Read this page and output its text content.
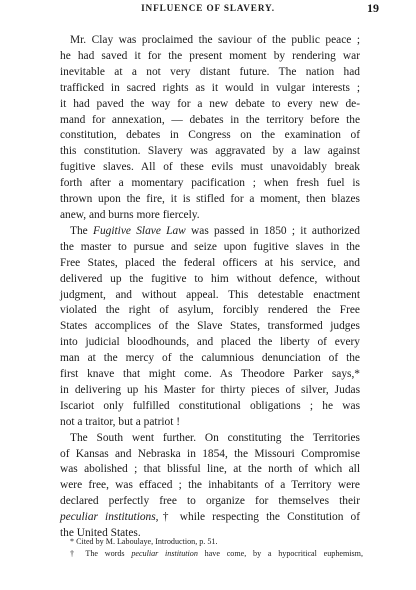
INFLUENCE OF SLAVERY.	19
Mr. Clay was proclaimed the saviour of the public peace ;
he had saved it for the present moment by rendering war
inevitable at a not very distant future. The nation had
trafficked in sacred rights as it would in vulgar interests ;
it had paved the way for a new debate to every new de-
mand for annexation, — debates in the territory before the
constitution, debates in Congress on the examination of
this constitution. Slavery was aggravated by a law against
fugitive slaves. All of these evils must unavoidably break
forth after a momentary pacification ; when fresh fuel is
thrown upon the fire, it is stifled for a moment, then blazes
anew, and burns more fiercely.
The Fugitive Slave Law was passed in 1850 ; it authorized
the master to pursue and seize upon fugitive slaves in the
Free States, placed the federal officers at his service, and
delivered up the fugitive to him without defence, without
judgment, and without appeal. This detestable enactment
violated the right of asylum, forcibly rendered the Free
States accomplices of the Slave States, transformed judges
into judicial bloodhounds, and placed the liberty of every
man at the mercy of the calumnious denunciation of the
first knave that might come. As Theodore Parker says,*
in delivering up his Master for thirty pieces of silver, Judas
Iscariot only fulfilled constitutional obligations ; he was
not a traitor, but a patriot !
The South went further. On constituting the Territories
of Kansas and Nebraska in 1854, the Missouri Compromise
was abolished ; that blissful line, at the north of which all
were free, was effaced ; the inhabitants of a Territory were
declared perfectly free to organize for themselves their
peculiar institutions,† while respecting the Constitution of
the United States.
* Cited by M. Laboulaye, Introduction, p. 51.
† The words peculiar institution have come, by a hypocritical euphemism,
